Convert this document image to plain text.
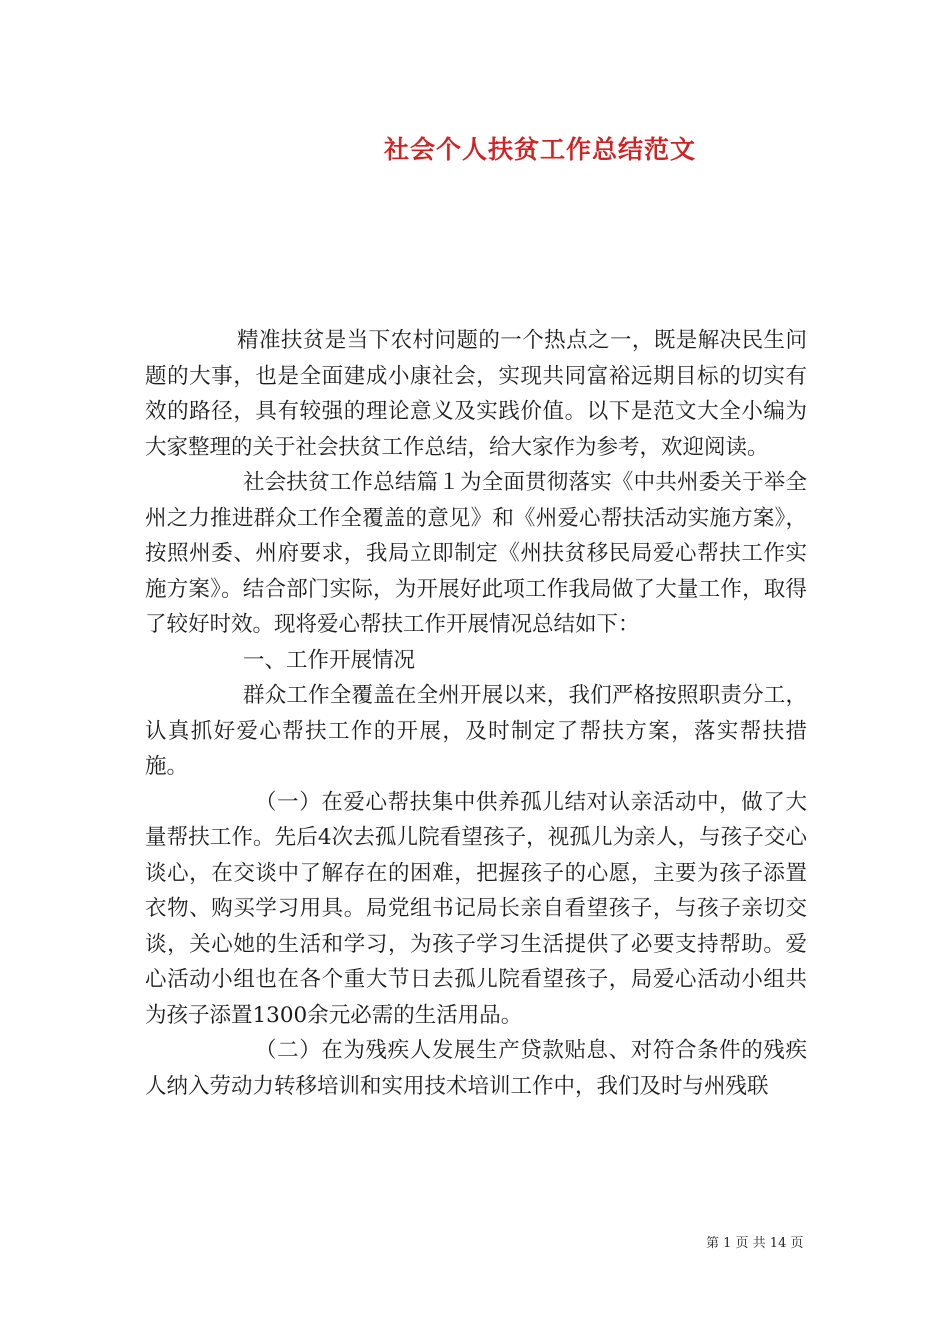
社会个人扶贫工作总结范文

精准扶贫是当下农村问题的一个热点之一，既是解决民生问题的大事，也是全面建成小康社会，实现共同富裕远期目标的切实有效的路径，具有较强的理论意义及实践价值。以下是范文大全小编为大家整理的关于社会扶贫工作总结，给大家作为参考，欢迎阅读。

社会扶贫工作总结篇１为全面贯彻落实《中共州委关于举全州之力推进群众工作全覆盖的意见》和《州爱心帮扶活动实施方案》，按照州委、州府要求，我局立即制定《州扶贫移民局爱心帮扶工作实施方案》。结合部门实际，为开展好此项工作我局做了大量工作，取得了较好时效。现将爱心帮扶工作开展情况总结如下：

一、工作开展情况

群众工作全覆盖在全州开展以来，我们严格按照职责分工，认真抓好爱心帮扶工作的开展，及时制定了帮扶方案，落实帮扶措施。

（一）在爱心帮扶集中供养孤儿结对认亲活动中，做了大量帮扶工作。先后4次去孤儿院看望孩子，视孤儿为亲人，与孩子交心谈心，在交谈中了解存在的困难，把握孩子的心愿，主要为孩子添置衣物、购买学习用具。局党组书记局长亲自看望孩子，与孩子亲切交谈，关心她的生活和学习，为孩子学习生活提供了必要支持帮助。爱心活动小组也在各个重大节日去孤儿院看望孩子，局爱心活动小组共为孩子添置1300余元必需的生活用品。

（二）在为残疾人发展生产贷款贴息、对符合条件的残疾人纳入劳动力转移培训和实用技术培训工作中，我们及时与州残联

第 1 页 共 14 页
